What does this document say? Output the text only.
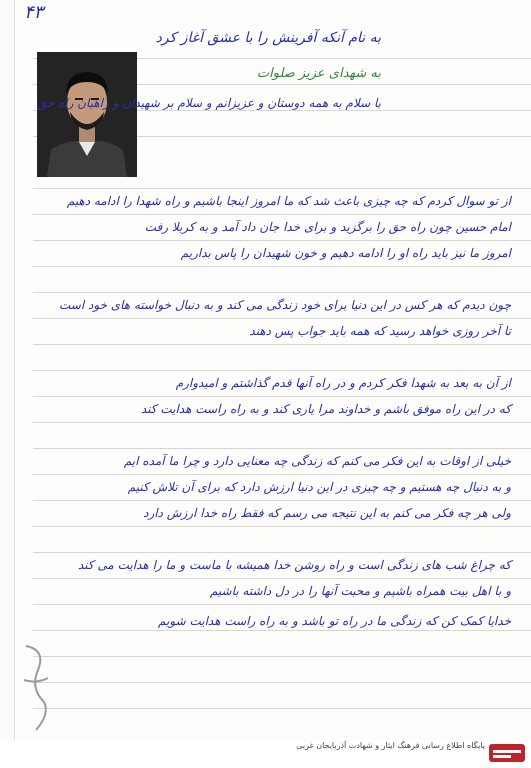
۴۳
به نام آنکه آفرینش را با عشق آغاز کرد
به شهدای عزیز صلوات
با سلام به همه دوستان و عزیزانم و سلام بر شهیدان و راهیان راه حق
از تو سوال کردم که چه چیزی باعث شد که ما امروز اینجا باشیم و راه شهدا را ادامه دهیم
امام حسین چون راه حق را برگزید و برای خدا جان داد آمد و به کربلا رفت
امروز ما نیز باید راه او را ادامه دهیم و خون شهیدان را پاس بداریم
چون دیدم که هر کس در این دنیا برای خود زندگی می کند و به دنبال خواسته های خود است
تا آخر روزی خواهد رسید که همه باید جواب پس دهند
از آن به بعد به شهدا فکر کردم و در راه آنها قدم گذاشتم و امیدوارم
که در این راه موفق باشم و خداوند مرا یاری کند و به راه راست هدایت کند
خیلی از اوقات به این فکر می کنم که زندگی چه معنایی دارد و چرا ما آمده ایم
و به دنبال چه هستیم و چه چیزی در این دنیا ارزش دارد که برای آن تلاش کنیم
ولی هر چه فکر می کنم به این نتیجه می رسم که فقط راه خدا ارزش دارد
که چراغ شب های زندگی است و راه روشن خدا همیشه با ماست و ما را هدایت می کند
و با اهل بیت همراه باشیم و محبت آنها را در دل داشته باشیم
خدایا کمک کن که زندگی ما در راه تو باشد و به راه راست هدایت شویم
پایگاه اطلاع رسانی فرهنگ ایثار و شهادت آذربایجان غربی
